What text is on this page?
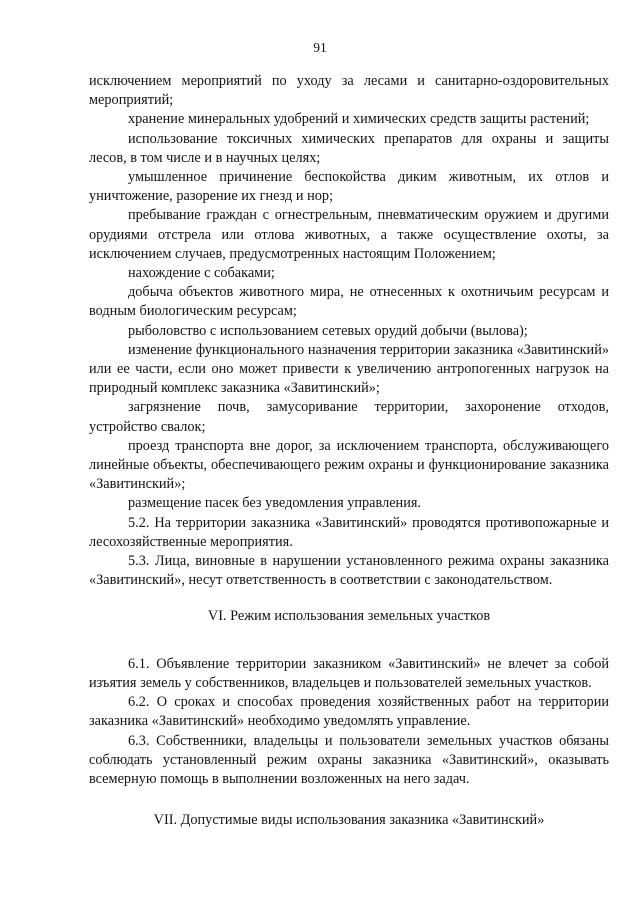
91

исключением мероприятий по уходу за лесами и санитарно-оздоровительных мероприятий;

хранение минеральных удобрений и химических средств защиты растений;

использование токсичных химических препаратов для охраны и защиты лесов, в том числе и в научных целях;

умышленное причинение беспокойства диким животным, их отлов и уничтожение, разорение их гнезд и нор;

пребывание граждан с огнестрельным, пневматическим оружием и другими орудиями отстрела или отлова животных, а также осуществление охоты, за исключением случаев, предусмотренных настоящим Положением;

нахождение с собаками;

добыча объектов животного мира, не отнесенных к охотничьим ресурсам и водным биологическим ресурсам;

рыболовство с использованием сетевых орудий добычи (вылова);

изменение функционального назначения территории заказника «Завитинский» или ее части, если оно может привести к увеличению антропогенных нагрузок на природный комплекс заказника «Завитинский»;

загрязнение почв, замусоривание территории, захоронение отходов, устройство свалок;

проезд транспорта вне дорог, за исключением транспорта, обслуживающего линейные объекты, обеспечивающего режим охраны и функционирование заказника «Завитинский»;

размещение пасек без уведомления управления.

5.2. На территории заказника «Завитинский» проводятся противопожарные и лесохозяйственные мероприятия.

5.3. Лица, виновные в нарушении установленного режима охраны заказника «Завитинский», несут ответственность в соответствии с законодательством.

VI. Режим использования земельных участков

6.1. Объявление территории заказником «Завитинский» не влечет за собой изъятия земель у собственников, владельцев и пользователей земельных участков.

6.2. О сроках и способах проведения хозяйственных работ на территории заказника «Завитинский» необходимо уведомлять управление.

6.3. Собственники, владельцы и пользователи земельных участков обязаны соблюдать установленный режим охраны заказника «Завитинский», оказывать всемерную помощь в выполнении возложенных на него задач.

VII. Допустимые виды использования заказника «Завитинский»
